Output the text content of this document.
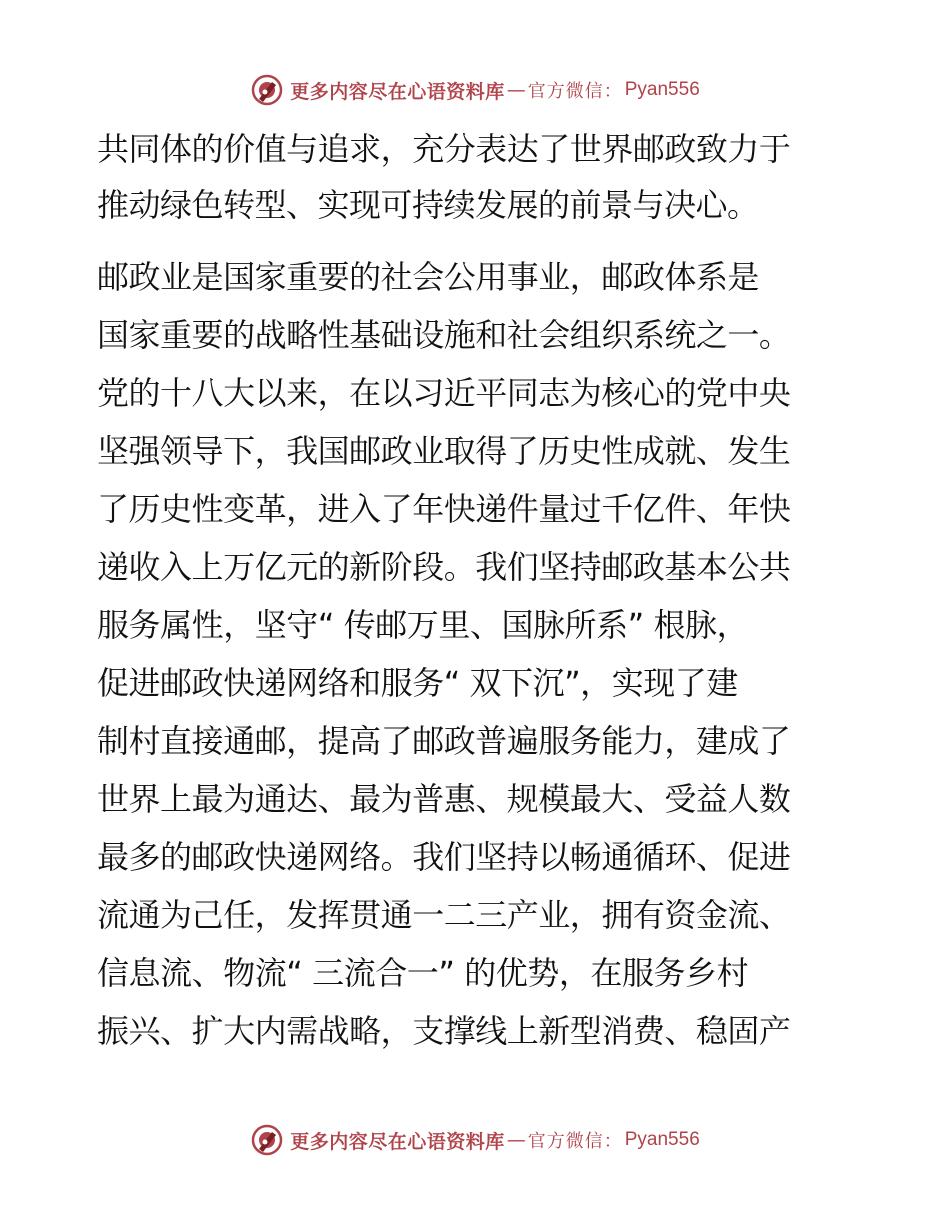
更多内容尽在心语资料库 — 官方微信： Pyan556
共同体的价值与追求，充分表达了世界邮政致力于
推动绿色转型、实现可持续发展的前景与决心。
邮政业是国家重要的社会公用事业，邮政体系是
国家重要的战略性基础设施和社会组织系统之一。
党的十八大以来，在以习近平同志为核心的党中央
坚强领导下，我国邮政业取得了历史性成就、发生
了历史性变革，进入了年快递件量过千亿件、年快
递收入上万亿元的新阶段。我们坚持邮政基本公共
服务属性，坚守“ 传邮万里、国脉所系” 根脉，
促进邮政快递网络和服务“ 双下沉”，实现了建
制村直接通邮，提高了邮政普遍服务能力，建成了
世界上最为通达、最为普惠、规模最大、受益人数
最多的邮政快递网络。我们坚持以畅通循环、促进
流通为己任，发挥贯通一二三产业，拥有资金流、
信息流、物流“ 三流合一” 的优势，在服务乡村
振兴、扩大内需战略，支撑线上新型消费、稳固产
更多内容尽在心语资料库 — 官方微信： Pyan556
